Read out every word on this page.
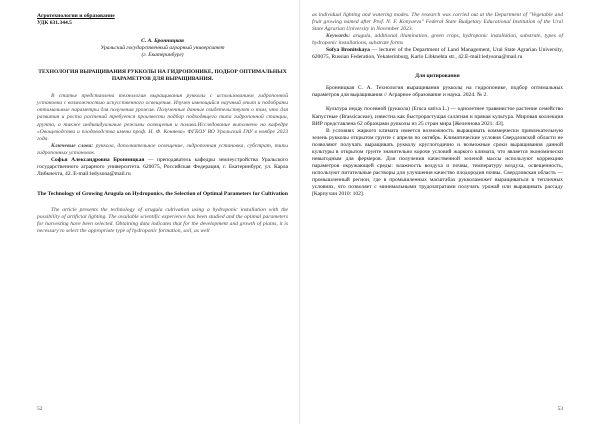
Агротехнологии и образование

УДК 631.344.5

С. А. Бронницкая

Уральский государственный аграрный университет

(г. Екатеринбург)

ТЕХНОЛОГИЯ ВЫРАЩИВАНИЯ РУККОЛЫ НА ГИДРОПОНИКЕ, ПОДБОР ОПТИМАЛЬНЫХ ПАРАМЕТРОВ ДЛЯ ВЫРАЩИВАНИЯ.

В статье представлена технология выращивания рукколы с использованием гидропонной установки с возможностью искусственного освещения. Изучен имеющийся научный опыт и подобраны оптимальные параметры для получения урожая. Полученные данные свидетельствуют о том, что для развития и роста растений требуется произвести подбор подходящего типа гидропонной станции, грунта, а также индивидуальные режимы освещения и полива.Исследование выполнено на кафедре «Овощеводства и плодоводства имени проф. Н. Ф. Коняева» ФГБОУ ВО Уральский ГАУ в ноябре 2023 года.

Ключевые слова: руккола, дополнительное освещение, гидропонная установка, субстрат, типы гидропонных установок.

Софья Александровна Бронницкая — преподаватель кафедры землеустройства Уральского государственного аграрного университета. 620075, Российская Федерация, г. Екатеринбург, ул. Карла Либкнехта, 42. E-mail:ledysona@mail.ru

The Technology of Growing Arugula on Hydroponics, the Selection of Optimal Parameters for Cultivation

The article presents the technology of arugula cultivation using a hydroponic installation with the possibility of artificial lighting. The available scientific experience has been studied and the optimal parameters for harvesting have been selected. Obtaining data indicates that for the development and growth of plants, it is necessary to select the appropriate type of hydroponic formation, soil, as well

52

as individual lighting and watering modes. The research was carried out at the Department of "Vegetable and fruit growing named after Prof. N. F. Konyaeva" Federal State Budgetary Educational Institution of the Ural State Agrarian University in November 2023.

Keywords: arugula, additional illumination, green crops, hydroponic installation, substrate, types of hydroponic installations, substrate forms

Sofya Bronitskaya — lecturer of the Department of Land Management, Ural State Agrarian University, 620075, Russian Federation, Yekaterinburg, Karlo Libknehta str., 42.E-mail:ledysona@mail.ru

Для цитирования

Бронницкая С. А. Технология выращивания рукколы на гидропонике, подбор оптимальных параметров для выращивания // Аграрное образование и наука. 2024. № 2.

Культура индау посевной (руккола) (Eruca sativa L.) — однолетнее травянистое растение семейство Капустные (Brassicaceae), известна как быстрорастущая салатная и пряная культура. Мировая коллекция ВИР представлена 62 образцами рукколы из 25 стран мира [Железнова 2021: 43].

В условиях жаркого климата имеется возможность выращивать коммерчески привлекательную зелень рукколы открытом грунте с апреля по октябрь. Климатические условия Свердловской области не позволяют получать выращивать рукколу круглогодично и возможные сроки выращивания данной культуры в открытом грунте значительно короче условий жаркого климата, что является экономически невыгодным для фермеров. Для получения качественной зеленой массы используют коррекцию параметров окружающей среды: влажность воздуха и почвы, температуру воздуха, освещенность, используют питательные растворы для улучшения качество плодородия почвы. Свердловская область — промышленный регион, где в промышленных масштабах рукколаможет выращиваться в тепличных условиях, что позволяет с минимальными трудозатратами получать урожай или выращивать рассаду [Карпухин 2010: 102].

53
